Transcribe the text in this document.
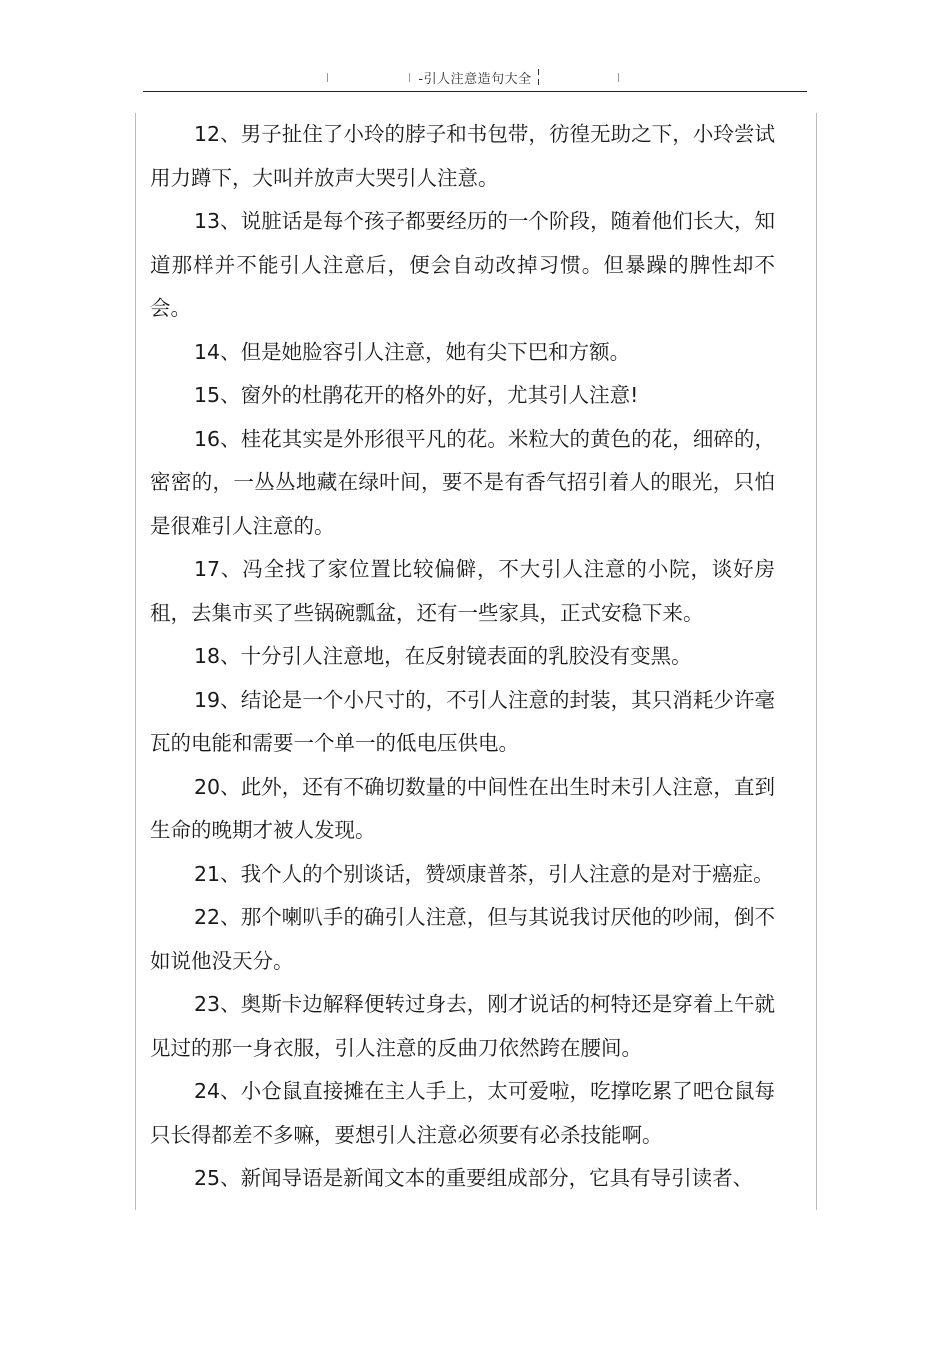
-引人注意造句大全

12、男子扯住了小玲的脖子和书包带，彷徨无助之下，小玲尝试用力蹲下，大叫并放声大哭引人注意。

13、说脏话是每个孩子都要经历的一个阶段，随着他们长大，知道那样并不能引人注意后，便会自动改掉习惯。但暴躁的脾性却不会。

14、但是她脸容引人注意，她有尖下巴和方额。

15、窗外的杜鹃花开的格外的好，尤其引人注意!

16、桂花其实是外形很平凡的花。米粒大的黄色的花，细碎的，密密的，一丛丛地藏在绿叶间，要不是有香气招引着人的眼光，只怕是很难引人注意的。

17、冯全找了家位置比较偏僻，不大引人注意的小院，谈好房租，去集市买了些锅碗瓢盆，还有一些家具，正式安稳下来。

18、十分引人注意地，在反射镜表面的乳胶没有变黑。

19、结论是一个小尺寸的，不引人注意的封装，其只消耗少许毫瓦的电能和需要一个单一的低电压供电。

20、此外，还有不确切数量的中间性在出生时未引人注意，直到生命的晚期才被人发现。

21、我个人的个别谈话，赞颂康普茶，引人注意的是对于癌症。

22、那个喇叭手的确引人注意，但与其说我讨厌他的吵闹，倒不如说他没天分。

23、奥斯卡边解释便转过身去，刚才说话的柯特还是穿着上午就见过的那一身衣服，引人注意的反曲刀依然跨在腰间。

24、小仓鼠直接摊在主人手上，太可爱啦，吃撑吃累了吧仓鼠每只长得都差不多嘛，要想引人注意必须要有必杀技能啊。

25、新闻导语是新闻文本的重要组成部分，它具有导引读者、
